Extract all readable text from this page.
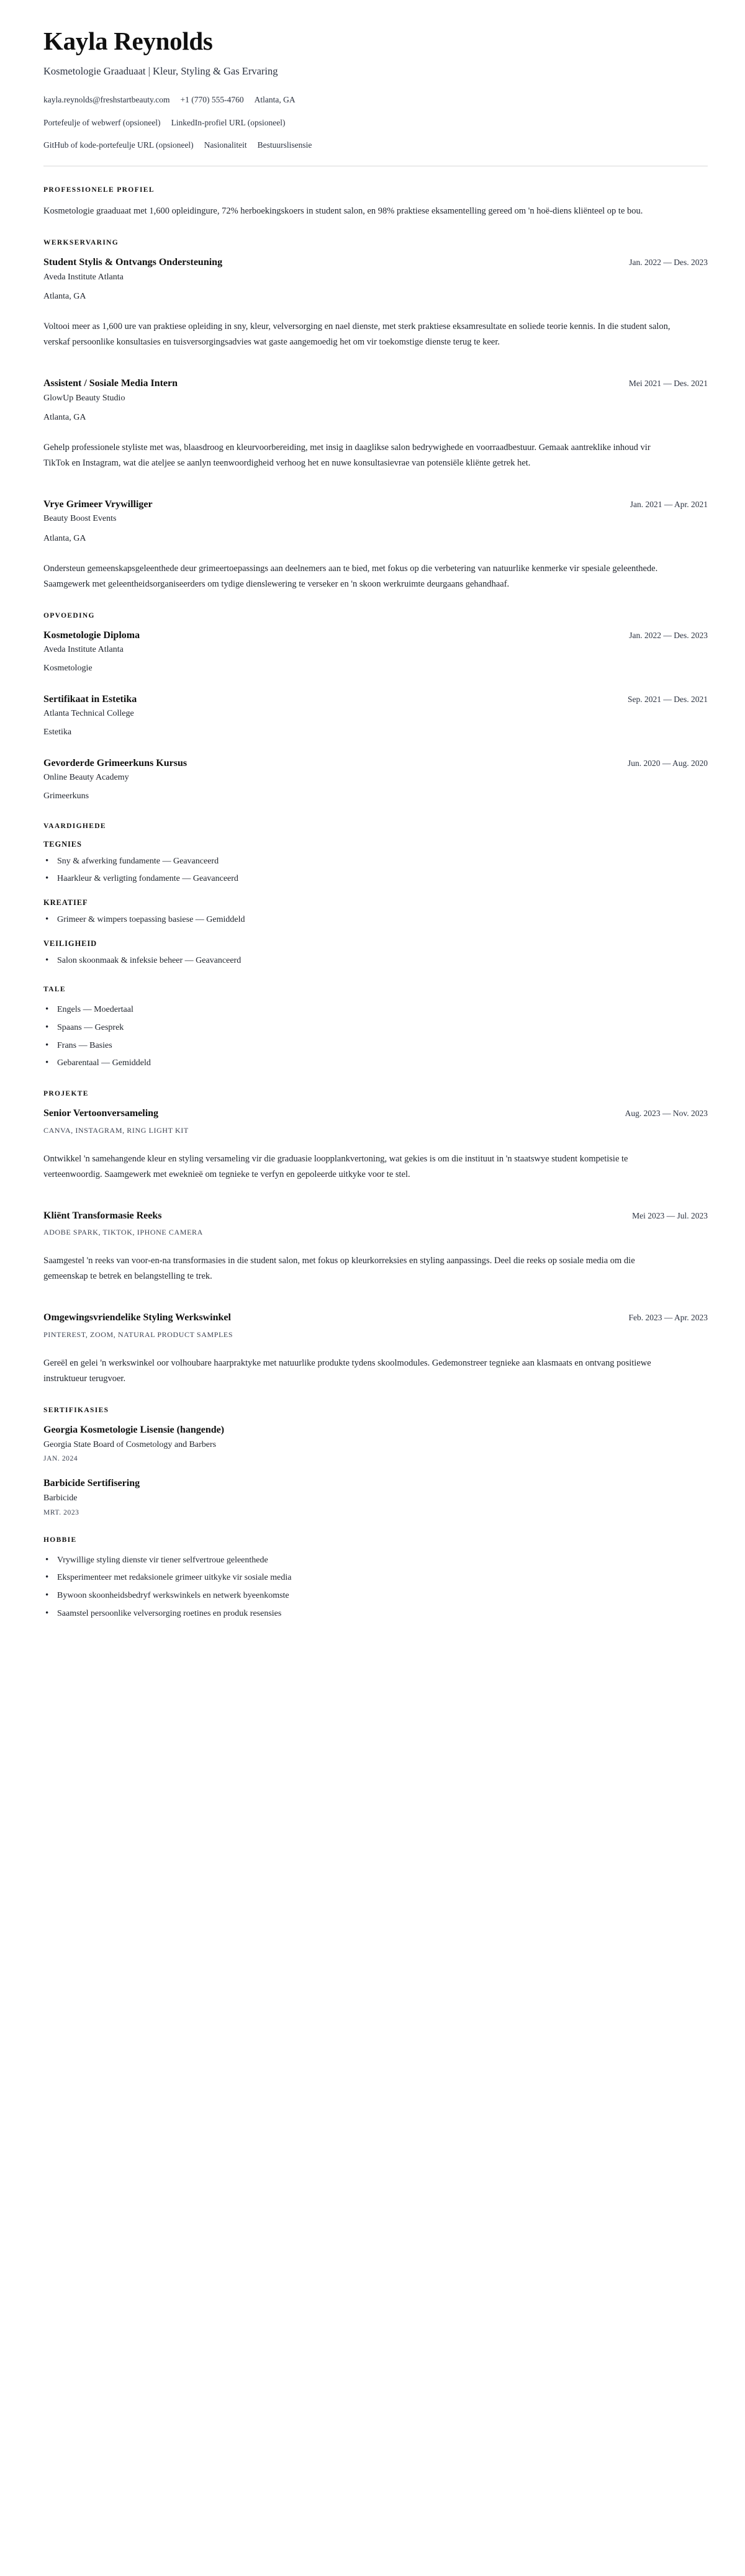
Kayla Reynolds
Kosmetologie Graaduaat | Kleur, Styling & Gas Ervaring
kayla.reynolds@freshstartbeauty.com +1 (770) 555-4760 Atlanta, GA
Portefeulje of webwerf (opsioneel) LinkedIn-profiel URL (opsioneel)
GitHub of kode-portefeulje URL (opsioneel) Nasionaliteit Bestuurslisensie
PROFESSIONELE PROFIEL

Kosmetologie graaduaat met 1,600 opleidingure, 72% herboekingskoers in student salon, en 98% praktiese eksamentelling gereed om 'n hoë-diens kliënteel op te bou.

WERKSERVARING
Student Stylis & Ontvangs Ondersteuning	Jan. 2022 — Des. 2023
Aveda Institute Atlanta
Atlanta, GA

Voltooi meer as 1,600 ure van praktiese opleiding in sny, kleur, velversorging en nael dienste, met sterk praktiese eksamresultate en soliede teorie kennis. In die student salon, verskaf persoonlike konsultasies en tuisversorgingsadvies wat gaste aangemoedig het om vir toekomstige dienste terug te keer.

Assistent / Sosiale Media Intern	Mei 2021 — Des. 2021
GlowUp Beauty Studio
Atlanta, GA

Gehelp professionele styliste met was, blaasdroog en kleurvoorbereiding, met insig in daaglikse salon bedrywighede en voorraadbestuur. Gemaak aantreklike inhoud vir TikTok en Instagram, wat die ateljee se aanlyn teenwoordigheid verhoog het en nuwe konsultasievrae van potensiële kliënte getrek het.

Vrye Grimeer Vrywilliger	Jan. 2021 — Apr. 2021
Beauty Boost Events
Atlanta, GA

Ondersteun gemeenskapsgeleenthede deur grimeertoepassings aan deelnemers aan te bied, met fokus op die verbetering van natuurlike kenmerke vir spesiale geleenthede. Saamgewerk met geleentheidsorganiseerders om tydige dienslewering te verseker en 'n skoon werkruimte deurgaans gehandhaaf.

OPVOEDING
Kosmetologie Diploma	Jan. 2022 — Des. 2023
Aveda Institute Atlanta
Kosmetologie
Sertifikaat in Estetika	Sep. 2021 — Des. 2021
Atlanta Technical College
Estetika
Gevorderde Grimeerkuns Kursus	Jun. 2020 — Aug. 2020
Online Beauty Academy
Grimeerkuns
VAARDIGHEDE
TEGNIES
• Sny & afwerking fundamente — Geavanceerd
• Haarkleur & verligting fondamente — Geavanceerd
KREATIEF
• Grimeer & wimpers toepassing basiese — Gemiddeld
VEILIGHEID
• Salon skoonmaak & infeksie beheer — Geavanceerd
TALE
• Engels — Moedertaal
• Spaans — Gesprek
• Frans — Basies
• Gebarentaal — Gemiddeld
PROJEKTE
Senior Vertoonversameling	Aug. 2023 — Nov. 2023
CANVA, INSTAGRAM, RING LIGHT KIT

Ontwikkel 'n samehangende kleur en styling versameling vir die graduasie loopplankvertoning, wat gekies is om die instituut in 'n staatswye student kompetisie te verteenwoordig. Saamgewerk met eweknieë om tegnieke te verfyn en gepoleerde uitkyke voor te stel.

Kliënt Transformasie Reeks	Mei 2023 — Jul. 2023
ADOBE SPARK, TIKTOK, IPHONE CAMERA

Saamgestel 'n reeks van voor-en-na transformasies in die student salon, met fokus op kleurkorreksies en styling aanpassings. Deel die reeks op sosiale media om die gemeenskap te betrek en belangstelling te trek.

Omgewingsvriendelike Styling Werkswinkel	Feb. 2023 — Apr. 2023
PINTEREST, ZOOM, NATURAL PRODUCT SAMPLES

Gereël en gelei 'n werkswinkel oor volhoubare haarpraktyke met natuurlike produkte tydens skoolmodules. Gedemonstreer tegnieke aan klasmaats en ontvang positiewe instruktueur terugvoer.

SERTIFIKASIES
Georgia Kosmetologie Lisensie (hangende)
Georgia State Board of Cosmetology and Barbers
JAN. 2024
Barbicide Sertifisering
Barbicide
MRT. 2023
HOBBIE
• Vrywillige styling dienste vir tiener selfvertroue geleenthede
• Eksperimenteer met redaksionele grimeer uitkyke vir sosiale media
• Bywoon skoonheidsbedryf werkswinkels en netwerk byeenkomste
• Saamstel persoonlike velversorging roetines en produk resensies
